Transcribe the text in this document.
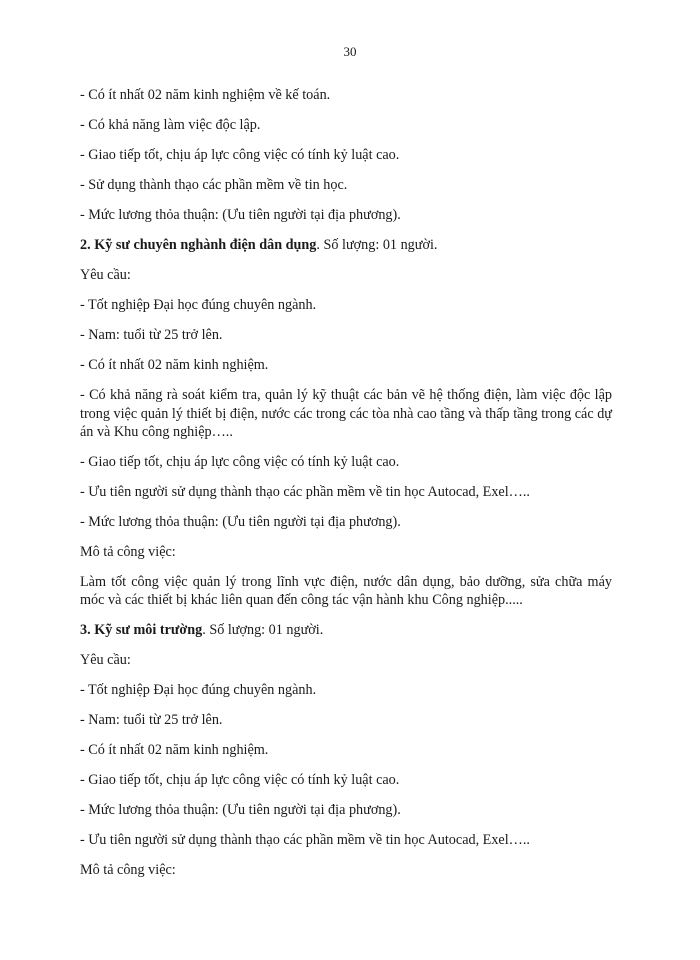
30

- Có ít nhất 02 năm kinh nghiệm về kế toán.

- Có khả năng làm việc độc lập.

- Giao tiếp tốt, chịu áp lực công việc có tính kỷ luật cao.

- Sử dụng thành thạo các phần mềm về tin học.

- Mức lương thỏa thuận: (Ưu tiên người tại địa phương).

2. Kỹ sư chuyên nghành điện dân dụng. Số lượng: 01 người.

Yêu cầu:

- Tốt nghiệp Đại học đúng chuyên ngành.

- Nam: tuổi từ 25 trở lên.

- Có ít nhất 02 năm kinh nghiệm.

- Có khả năng rà soát kiểm tra, quản lý kỹ thuật các bản vẽ hệ thống điện, làm việc độc lập trong việc quản lý thiết bị điện, nước các trong các tòa nhà cao tầng và thấp tầng trong các dự án và Khu công nghiệp…..

- Giao tiếp tốt, chịu áp lực công việc có tính kỷ luật cao.

- Ưu tiên người sử dụng thành thạo các phần mềm về tin học Autocad, Exel…..

- Mức lương thỏa thuận: (Ưu tiên người tại địa phương).

Mô tả công việc:

Làm tốt công việc quản lý trong lĩnh vực điện, nước dân dụng, bảo dưỡng, sửa chữa máy móc và các thiết bị khác liên quan đến công tác vận hành khu Công nghiệp.....

3. Kỹ sư môi trường. Số lượng: 01 người.

Yêu cầu:

- Tốt nghiệp Đại học đúng chuyên ngành.

- Nam: tuổi từ 25 trở lên.

- Có ít nhất 02 năm kinh nghiệm.

- Giao tiếp tốt, chịu áp lực công việc có tính kỷ luật cao.

- Mức lương thỏa thuận: (Ưu tiên người tại địa phương).

- Ưu tiên người sử dụng thành thạo các phần mềm về tin học Autocad, Exel…..

Mô tả công việc:
